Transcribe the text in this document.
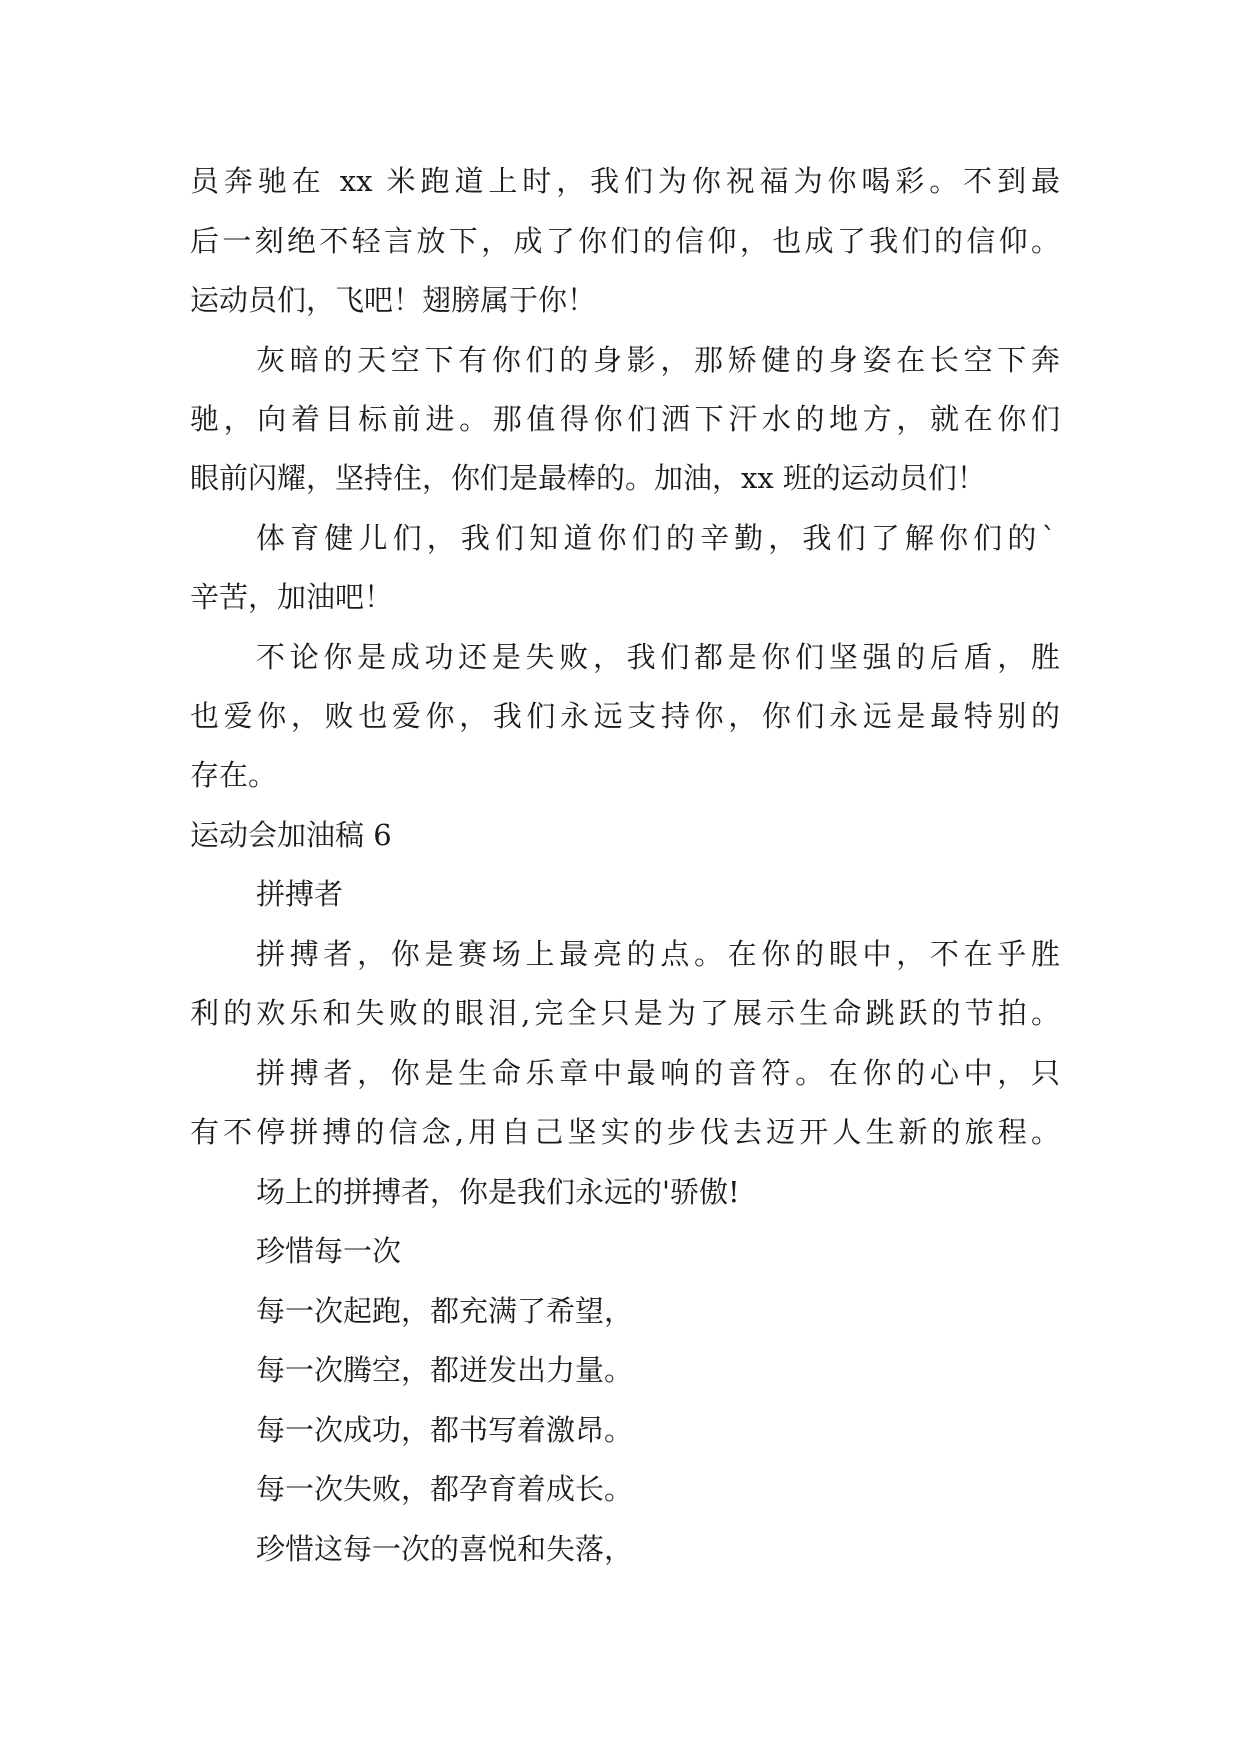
员奔驰在 xx 米跑道上时，我们为你祝福为你喝彩。不到最
后一刻绝不轻言放下，成了你们的信仰，也成了我们的信仰。
运动员们，飞吧！翅膀属于你！
灰暗的天空下有你们的身影，那矫健的身姿在长空下奔
驰，向着目标前进。那值得你们洒下汗水的地方，就在你们
眼前闪耀，坚持住，你们是最棒的。加油，xx 班的运动员们！
体育健儿们，我们知道你们的辛勤，我们了解你们的`
辛苦，加油吧！
不论你是成功还是失败，我们都是你们坚强的后盾，胜
也爱你，败也爱你，我们永远支持你，你们永远是最特别的
存在。
运动会加油稿 6
拼搏者
拼搏者，你是赛场上最亮的点。在你的眼中，不在乎胜
利的欢乐和失败的眼泪,完全只是为了展示生命跳跃的节拍。
拼搏者，你是生命乐章中最响的音符。在你的心中，只
有不停拼搏的信念,用自己坚实的步伐去迈开人生新的旅程。
场上的拼搏者，你是我们永远的'骄傲!
珍惜每一次
每一次起跑，都充满了希望，
每一次腾空，都迸发出力量。
每一次成功，都书写着激昂。
每一次失败，都孕育着成长。
珍惜这每一次的喜悦和失落，
